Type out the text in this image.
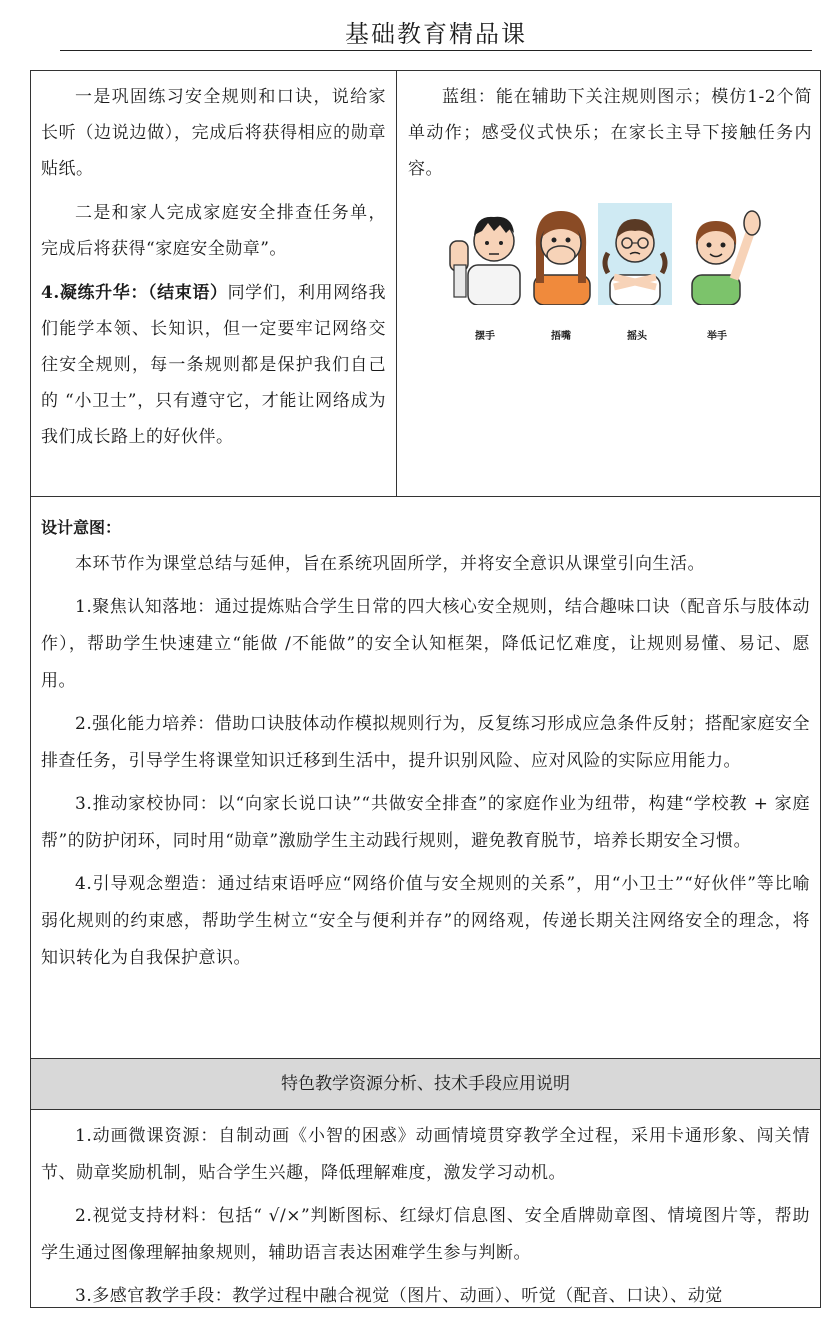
基础教育精品课

一是巩固练习安全规则和口诀，说给家长听（边说边做），完成后将获得相应的勋章贴纸。

二是和家人完成家庭安全排查任务单，完成后将获得“家庭安全勋章”。

4.凝练升华：（结束语）同学们，利用网络我们能学本领、长知识，但一定要牢记网络交往安全规则，每一条规则都是保护我们自己的 “小卫士”，只有遵守它，才能让网络成为我们成长路上的好伙伴。

蓝组：能在辅助下关注规则图示；模仿1-2个简单动作；感受仪式快乐；在家长主导下接触任务内容。

摆手	捂嘴	摇头	举手

设计意图：

本环节作为课堂总结与延伸，旨在系统巩固所学，并将安全意识从课堂引向生活。

1.聚焦认知落地：通过提炼贴合学生日常的四大核心安全规则，结合趣味口诀（配音乐与肢体动作），帮助学生快速建立“能做 /不能做”的安全认知框架，降低记忆难度，让规则易懂、易记、愿用。

2.强化能力培养：借助口诀肢体动作模拟规则行为，反复练习形成应急条件反射；搭配家庭安全排查任务，引导学生将课堂知识迁移到生活中，提升识别风险、应对风险的实际应用能力。

3.推动家校协同：以“向家长说口诀”“共做安全排查”的家庭作业为纽带，构建“学校教 + 家庭帮”的防护闭环，同时用“勋章”激励学生主动践行规则，避免教育脱节，培养长期安全习惯。

4.引导观念塑造：通过结束语呼应“网络价值与安全规则的关系”，用“小卫士”“好伙伴”等比喻弱化规则的约束感，帮助学生树立“安全与便利并存”的网络观，传递长期关注网络安全的理念，将知识转化为自我保护意识。

特色教学资源分析、技术手段应用说明

1.动画微课资源：自制动画《小智的困惑》动画情境贯穿教学全过程，采用卡通形象、闯关情节、勋章奖励机制，贴合学生兴趣，降低理解难度，激发学习动机。

2.视觉支持材料：包括“ √/×”判断图标、红绿灯信息图、安全盾牌勋章图、情境图片等，帮助学生通过图像理解抽象规则，辅助语言表达困难学生参与判断。

3.多感官教学手段：教学过程中融合视觉（图片、动画）、听觉（配音、口诀）、动觉
